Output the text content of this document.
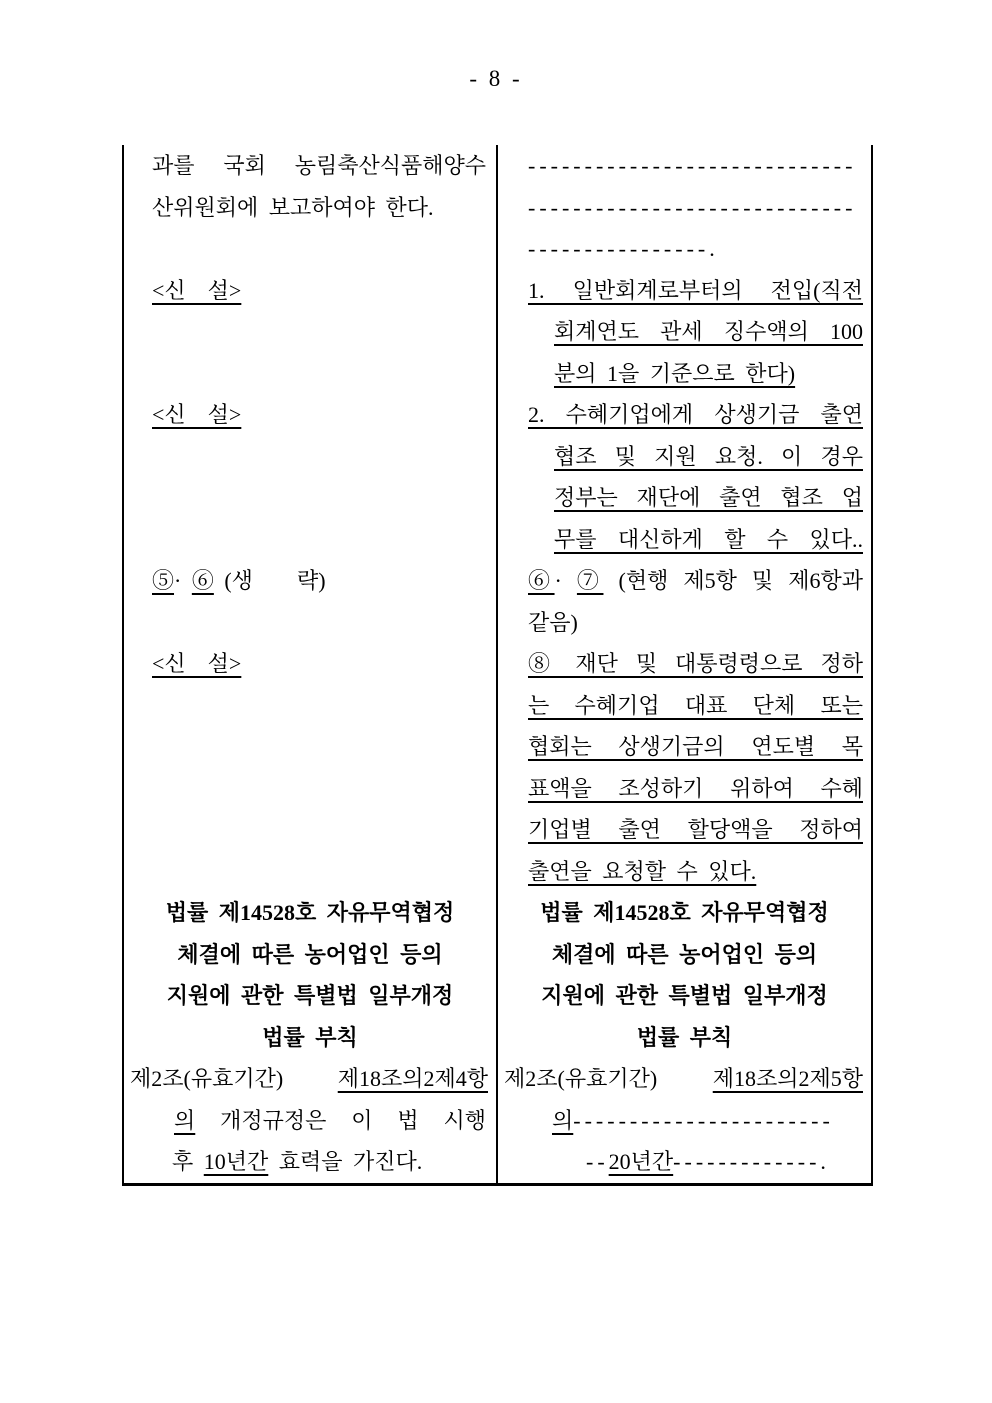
- 8 -
과를 국회 농림축산식품해양수
산위원회에 보고하여야 한다.
<신　설>
<신　설>
⑤· ⑥ (생　　략)
<신　설>
법률 제14528호 자유무역협정
체결에 따른 농어업인 등의
지원에 관한 특별법 일부개정
법률 부칙
제2조(유효기간) 제18조의2제4항
의 개정규정은 이 법 시행
후 10년간 효력을 가진다.
-----------------------------
-----------------------------
----------------.
1. 일반회계로부터의 전입(직전
회계연도 관세 징수액의 100
분의 1을 기준으로 한다)
2. 수혜기업에게 상생기금 출연
협조 및 지원 요청. 이 경우
정부는 재단에 출연 협조 업
무를 대신하게 할 수 있다..
⑥· ⑦ (현행 제5항 및 제6항과
같음)
⑧ 재단 및 대통령령으로 정하
는 수혜기업 대표 단체 또는
협회는 상생기금의 연도별 목
표액을 조성하기 위하여 수혜
기업별 출연 할당액을 정하여
출연을 요청할 수 있다.
법률 제14528호 자유무역협정
체결에 따른 농어업인 등의
지원에 관한 특별법 일부개정
법률 부칙
제2조(유효기간)	제18조의2제5항
의-----------------------
--20년간-------------.
